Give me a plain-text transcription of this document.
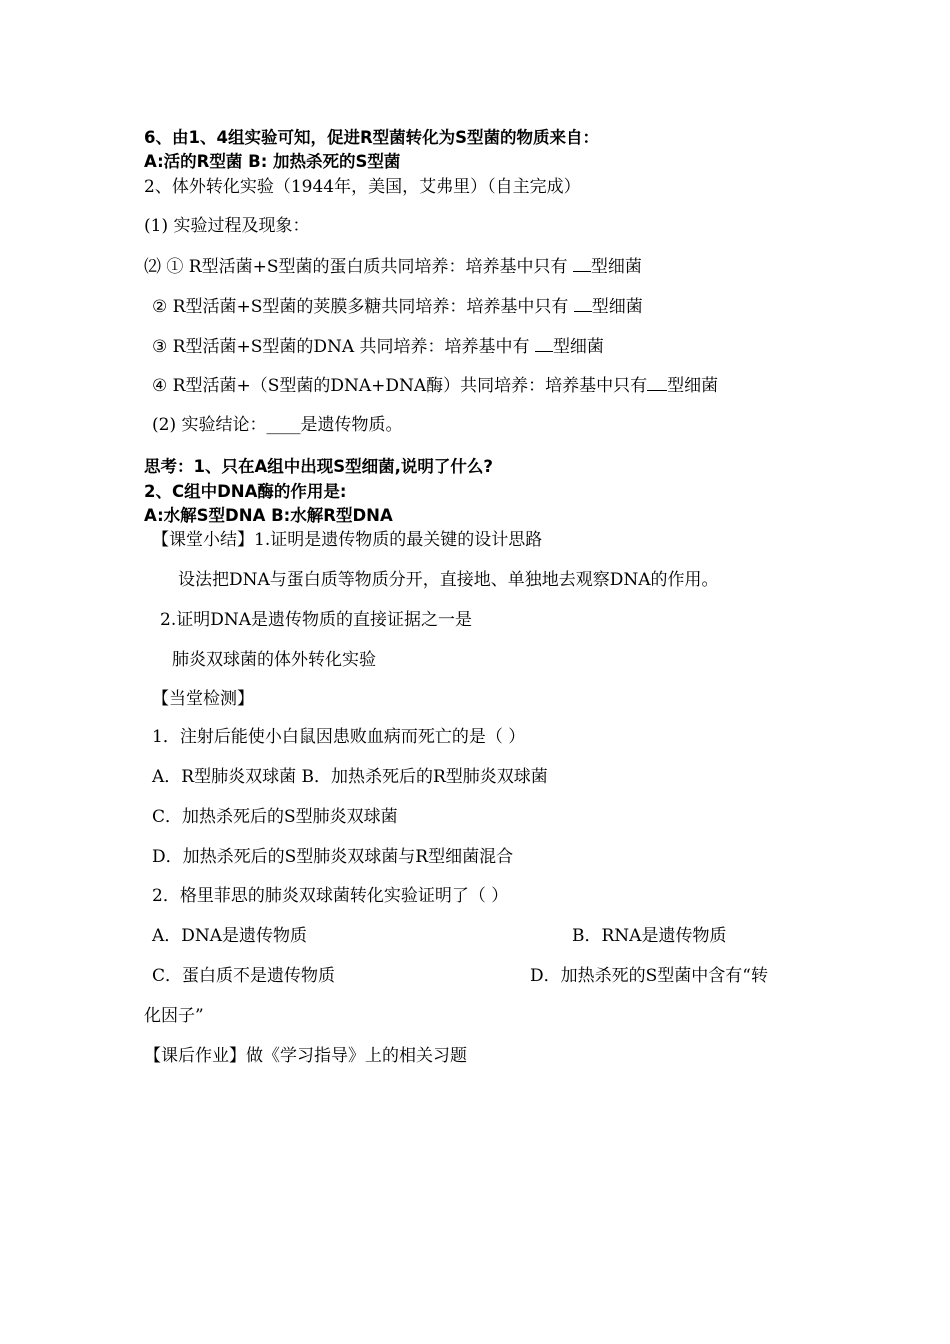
6、由1、4组实验可知，促进R型菌转化为S型菌的物质来自：
A:活的R型菌 B: 加热杀死的S型菌
2、体外转化实验（1944年，美国，艾弗里）（自主完成）
(1) 实验过程及现象：
⑵ ① R型活菌+S型菌的蛋白质共同培养：培养基中只有 型细菌
② R型活菌+S型菌的荚膜多糖共同培养：培养基中只有 型细菌
③ R型活菌+S型菌的DNA 共同培养：培养基中有 型细菌
④ R型活菌+（S型菌的DNA+DNA酶）共同培养：培养基中只有 型细菌
(2) 实验结论：____是遗传物质。
思考：1、只在A组中出现S型细菌,说明了什么?
2、C组中DNA酶的作用是:
A:水解S型DNA B:水解R型DNA
【课堂小结】1.证明是遗传物质的最关键的设计思路
设法把DNA与蛋白质等物质分开，直接地、单独地去观察DNA的作用。
2.证明DNA是遗传物质的直接证据之一是
肺炎双球菌的体外转化实验
【当堂检测】
1．注射后能使小白鼠因患败血病而死亡的是（ ）
A．R型肺炎双球菌 B．加热杀死后的R型肺炎双球菌
C．加热杀死后的S型肺炎双球菌
D．加热杀死后的S型肺炎双球菌与R型细菌混合
2．格里菲思的肺炎双球菌转化实验证明了（ ）
A．DNA是遗传物质	B．RNA是遗传物质
C．蛋白质不是遗传物质	D．加热杀死的S型菌中含有“转
化因子”
【课后作业】做《学习指导》上的相关习题
